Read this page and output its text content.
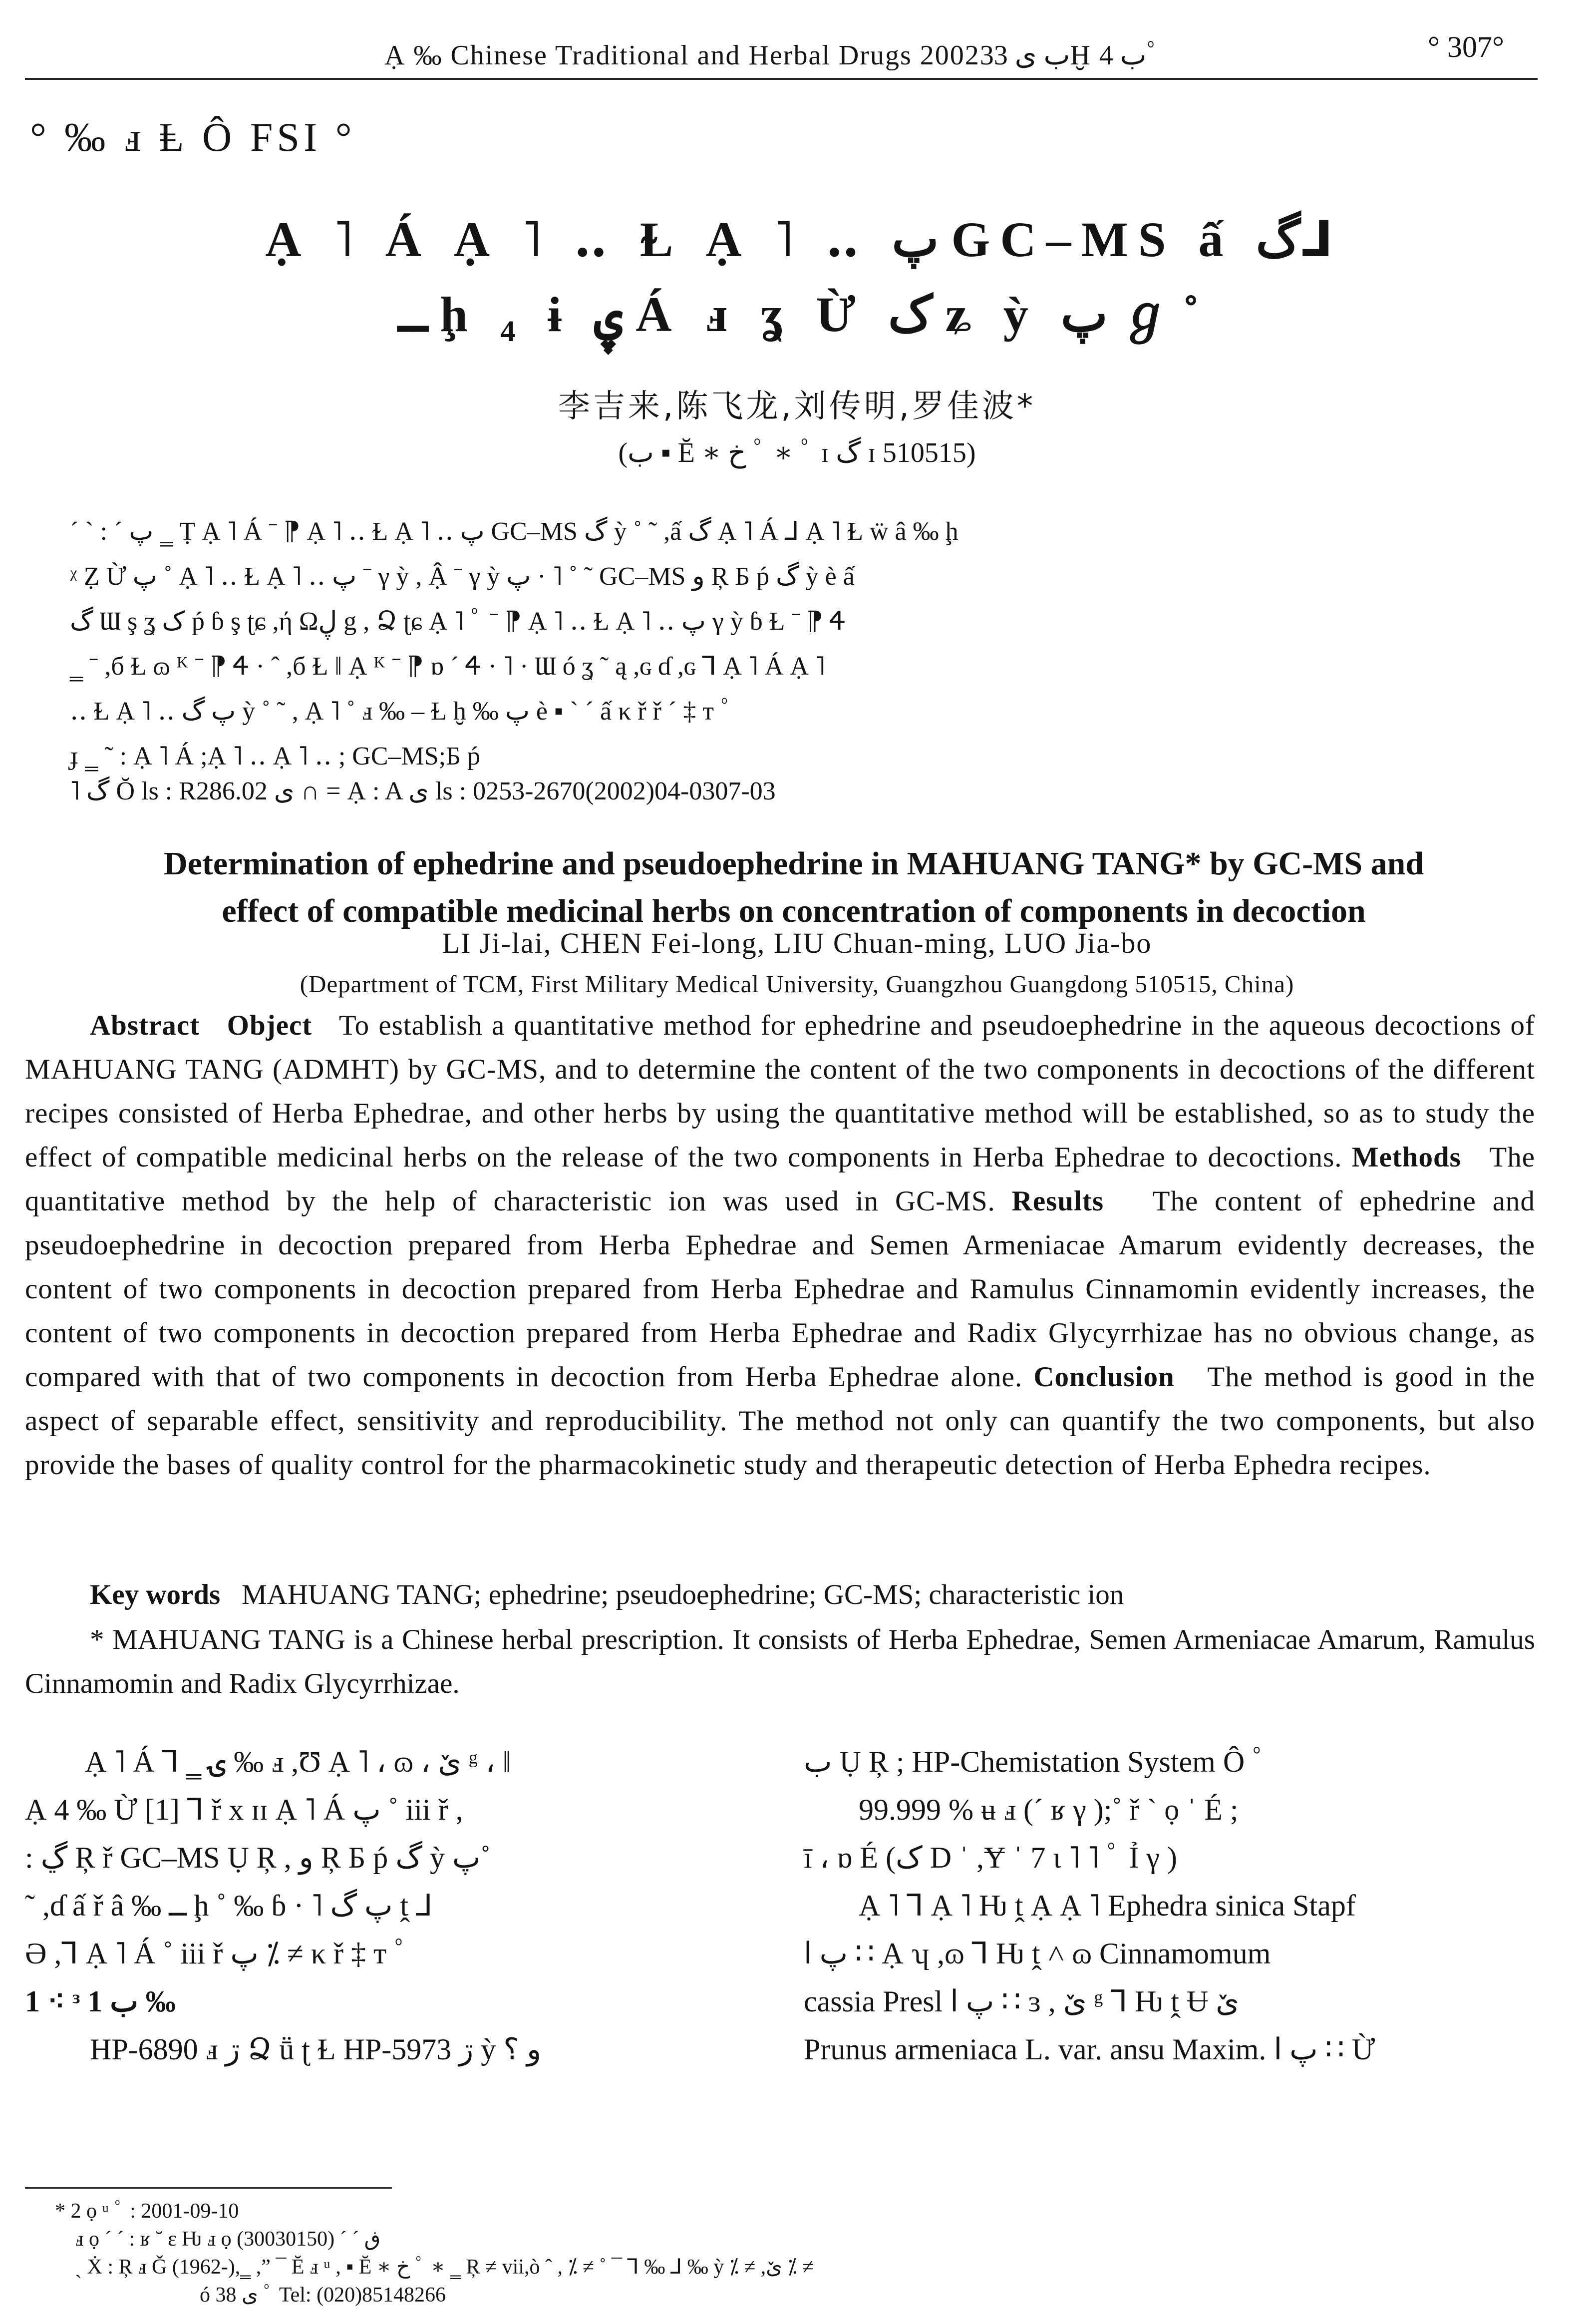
Ạ ‰ Chinese Traditional and Herbal Drugs 2002ب ى 33Ḫ ب 4ﾟ	° 307°
° ‰ ⅎ Ⱡ Ô FSI °
Ạ ˥ Á Ạ ˥ ‥ Ɫ Ạ ˥ ‥ پ GC–MS ấ گ⅃
ــ ḩ ₄ ɨ ۑ Á ⅎ ʓ Ừ ک ʑ ỳ پ ℊ ˚
李吉来,陈飞龙,刘传明,罗佳波*
(ب ▪ Ĕ ∗ خ ﾟ ∗ ﾟ ɪ گ ɪ 510515)
ˊ ˋ : ˊ پ ‗ Ṭ Ạ ˥ Á ˉ ⁋ Ạ ˥ ‥ Ɫ Ạ ˥ ‥ پ GC–MS گ ỳ ˚ ˜ ,ấ گ Ạ ˥ Á ⅃ Ạ ˥ Ɫ ẅ â ‰ ḩ
ᵡ Ẓ Ừ پ ˚ Ạ ˥ ‥ Ɫ Ạ ˥ ‥ پ ˉ γ ỳ , Ậ ˉ γ ỳ پ · ˥ ˚ ˜ GC–MS و Ŗ Ƃ ṕ گ ỳ è ấ
گ Ɯ ş ʓ ک ṕ ɓ ş ʈɕ ,ή Ωڸ g , Ձ ʈɕ Ạ ˥ ﾟ ˉ ⁋ Ạ ˥ ‥ Ɫ Ạ ˥ ‥ پ γ ỳ ɓ Ɫ ˉ ⁋ Ꮞ
‗ ˉ ,б Ɫ ɷ ᴷ ˉ ⁋ Ꮞ · ˆ ,б Ɫ ǁ Ạ ᴷ ˉ ⁋ ɒ ˊ Ꮞ · ˥ · Ɯ ó ʓ ˜ ą ,ɢ ɗ ,ɢ ⅂ Ạ ˥ Á Ạ ˥
‥ Ɫ Ạ ˥ ‥ پ گ ỳ ˚ ˜ , Ạ ˥ ˚ ⅎ ‰ ‒ Ɫ ḫ ‰ پ è ▪ ˋ ˊ ấ κ ř ř ˊ ‡ т ﾟ
ɟ ‗ ˜ : Ạ ˥ Á ;Ạ ˥ ‥ Ạ ˥ ‥ ; GC–MS;Ƃ ṕ
˥ گ Ŏ ls : R286.02 ى ∩ = Ạ : A ى ls : 0253-2670(2002)04-0307-03
Determination of ephedrine and pseudoephedrine in MAHUANG TANG* by GC-MS and
effect of compatible medicinal herbs on concentration of components in decoction
LI Ji-lai, CHEN Fei-long, LIU Chuan-ming, LUO Jia-bo
(Department of TCM, First Military Medical University, Guangzhou Guangdong 510515, China)

Abstract Object To establish a quantitative method for ephedrine and pseudoephedrine in the aqueous decoctions of MAHUANG TANG (ADMHT) by GC-MS, and to determine the content of the two components in decoctions of the different recipes consisted of Herba Ephedrae, and other herbs by using the quantitative method will be established, so as to study the effect of compatible medicinal herbs on the release of the two components in Herba Ephedrae to decoctions. Methods The quantitative method by the help of characteristic ion was used in GC-MS. Results The content of ephedrine and pseudoephedrine in decoction prepared from Herba Ephedrae and Semen Armeniacae Amarum evidently decreases, the content of two components in decoction prepared from Herba Ephedrae and Ramulus Cinnamomin evidently increases, the content of two components in decoction prepared from Herba Ephedrae and Radix Glycyrrhizae has no obvious change, as compared with that of two components in decoction from Herba Ephedrae alone. Conclusion The method is good in the aspect of separable effect, sensitivity and reproducibility. The method not only can quantify the two components, but also provide the bases of quality control for the pharmacokinetic study and therapeutic detection of Herba Ephedra recipes.

Key words MAHUANG TANG; ephedrine; pseudoephedrine; GC-MS; characteristic ion
* MAHUANG TANG is a Chinese herbal prescription. It consists of Herba Ephedrae, Semen Armeniacae Amarum, Ramulus Cinnamomin and Radix Glycyrrhizae.
Ạ ˥ Á ⅂ ‗ ۍ ‰ ⅎ ,Ʊ Ạ ˥ ، ɷ ، ێ ᵍ ، ǁ
Ạ 4 ‰ Ừ [1] ⅂ ř x ɪɪ Ạ ˥ Á پ ˚ iii ř ,
: ڲ Ŗ ř GC–MS Ụ Ŗ , و Ŗ Ƃ ṕ گ ỳ پ˚
˜ ,ɗ ấ ř â ‰ ــ ḩ ˚ ‰ ɓ · ˥ پ گ ṱ ⅃
Ə ,⅂ Ạ ˥ Á ˚ iii ř پ ⁒ ≠ κ ř ‡ т ﾟ
1 ⁖ ᵌ ب 1 ‰
HP-6890 ⅎ ڗ Ձ ṻ ʈ Ɫ HP-5973 ڗ ỳ و ؟
ب Ụ Ŗ ; HP-Chemistation System Ô ﾟ
99.999 % ʉ ⅎ (ˊ ʁ γ );˚ ř ˋ ọ ˈ É ;
ī ، ɒ É (ک D ˈ ,Ɏ ˈ 7 ɩ ˥ ˥ ﾟ Ỉ γ )
Ạ ˥ ⅂ Ạ ˥ Ƕ ṱ Ạ Ạ ˥ Ephedra sinica Stapf
پ ا ∷ Ạ ʮ ,ɷ ⅂ Ƕ ṱ ˄ ɷ Cinnamomum
cassia Presl پ ا ∷ ɜ , ێ ᵍ ⅂ Ƕ ṱ Ʉ ێ
Prunus armeniaca L. var. ansu Maxim. پ ا ∷ Ừ
* 2 ọ ᵘ ﾟ : 2001-09-10
ⅎ ọ ˊ ˊ : ʁ ˘ ɛ Ƕ ⅎ ọ ڧ ˊ ˊ (30030150)
ˏ Ẋ : Ŗ ⅎ Ǧ (1962-),‗ ,” ¯ Ĕ ⅎ ᵘ , ▪ Ĕ ∗ خ ﾟ ∗ ‗ Ŗ ≠ vii,ò ˆ , ⁒ ≠ ˚ ¯ ⅂ ‰ ⅃ ‰ ỳ ⁒ ≠ ,ێ ⁒ ≠
ó ى 38 ﾟ Tel: (020)85148266
